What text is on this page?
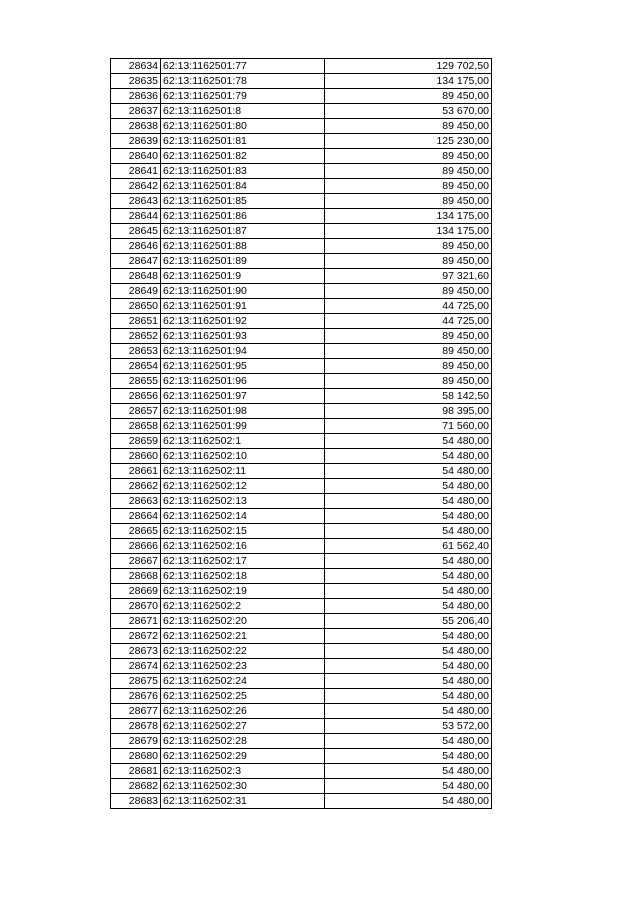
28634	62:13:1162501:77	129 702,50
28635	62:13:1162501:78	134 175,00
28636	62:13:1162501:79	89 450,00
28637	62:13:1162501:8	53 670,00
28638	62:13:1162501:80	89 450,00
28639	62:13:1162501:81	125 230,00
28640	62:13:1162501:82	89 450,00
28641	62:13:1162501:83	89 450,00
28642	62:13:1162501:84	89 450,00
28643	62:13:1162501:85	89 450,00
28644	62:13:1162501:86	134 175,00
28645	62:13:1162501:87	134 175,00
28646	62:13:1162501:88	89 450,00
28647	62:13:1162501:89	89 450,00
28648	62:13:1162501:9	97 321,60
28649	62:13:1162501:90	89 450,00
28650	62:13:1162501:91	44 725,00
28651	62:13:1162501:92	44 725,00
28652	62:13:1162501:93	89 450,00
28653	62:13:1162501:94	89 450,00
28654	62:13:1162501:95	89 450,00
28655	62:13:1162501:96	89 450,00
28656	62:13:1162501:97	58 142,50
28657	62:13:1162501:98	98 395,00
28658	62:13:1162501:99	71 560,00
28659	62:13:1162502:1	54 480,00
28660	62:13:1162502:10	54 480,00
28661	62:13:1162502:11	54 480,00
28662	62:13:1162502:12	54 480,00
28663	62:13:1162502:13	54 480,00
28664	62:13:1162502:14	54 480,00
28665	62:13:1162502:15	54 480,00
28666	62:13:1162502:16	61 562,40
28667	62:13:1162502:17	54 480,00
28668	62:13:1162502:18	54 480,00
28669	62:13:1162502:19	54 480,00
28670	62:13:1162502:2	54 480,00
28671	62:13:1162502:20	55 206,40
28672	62:13:1162502:21	54 480,00
28673	62:13:1162502:22	54 480,00
28674	62:13:1162502:23	54 480,00
28675	62:13:1162502:24	54 480,00
28676	62:13:1162502:25	54 480,00
28677	62:13:1162502:26	54 480,00
28678	62:13:1162502:27	53 572,00
28679	62:13:1162502:28	54 480,00
28680	62:13:1162502:29	54 480,00
28681	62:13:1162502:3	54 480,00
28682	62:13:1162502:30	54 480,00
28683	62:13:1162502:31	54 480,00
